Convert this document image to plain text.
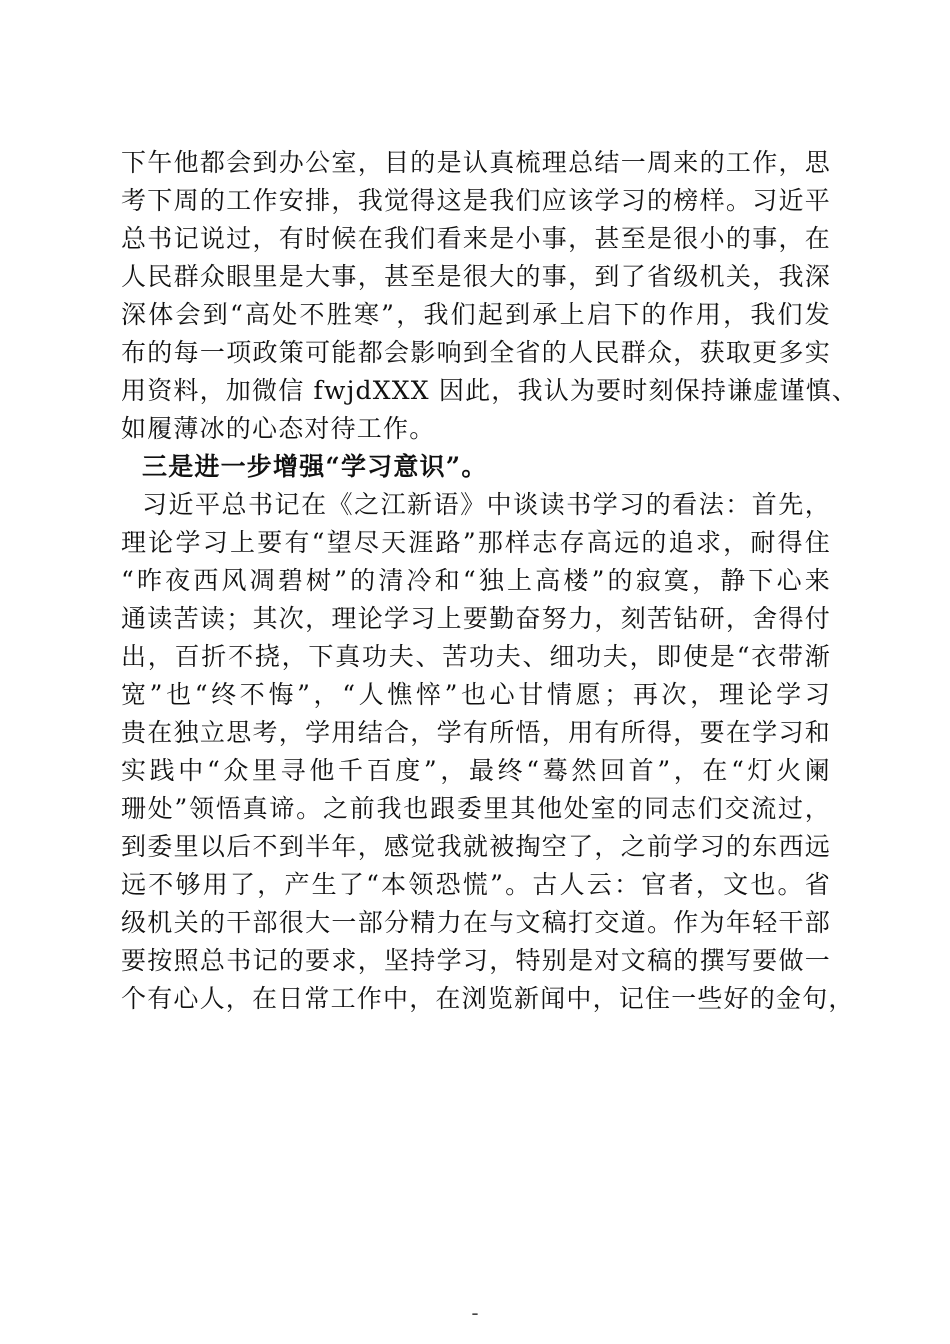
下午他都会到办公室，目的是认真梳理总结一周来的工作，思
考下周的工作安排，我觉得这是我们应该学习的榜样。习近平
总书记说过，有时候在我们看来是小事，甚至是很小的事，在
人民群众眼里是大事，甚至是很大的事，到了省级机关，我深
深体会到“高处不胜寒”，我们起到承上启下的作用，我们发
布的每一项政策可能都会影响到全省的人民群众，获取更多实
用资料，加微信 fwjdXXX 因此，我认为要时刻保持谦虚谨慎、
如履薄冰的心态对待工作。
三是进一步增强“学习意识”。
习近平总书记在《之江新语》中谈读书学习的看法：首先，
理论学习上要有“望尽天涯路”那样志存高远的追求，耐得住
“昨夜西风凋碧树”的清冷和“独上高楼”的寂寞，静下心来
通读苦读；其次，理论学习上要勤奋努力，刻苦钻研，舍得付
出，百折不挠，下真功夫、苦功夫、细功夫，即使是“衣带渐
宽”也“终不悔”，“人憔悴”也心甘情愿；再次，理论学习
贵在独立思考，学用结合，学有所悟，用有所得，要在学习和
实践中“众里寻他千百度”，最终“蓦然回首”，在“灯火阑
珊处”领悟真谛。之前我也跟委里其他处室的同志们交流过，
到委里以后不到半年，感觉我就被掏空了，之前学习的东西远
远不够用了，产生了“本领恐慌”。古人云：官者，文也。省
级机关的干部很大一部分精力在与文稿打交道。作为年轻干部
要按照总书记的要求，坚持学习，特别是对文稿的撰写要做一
个有心人，在日常工作中，在浏览新闻中，记住一些好的金句，
-
